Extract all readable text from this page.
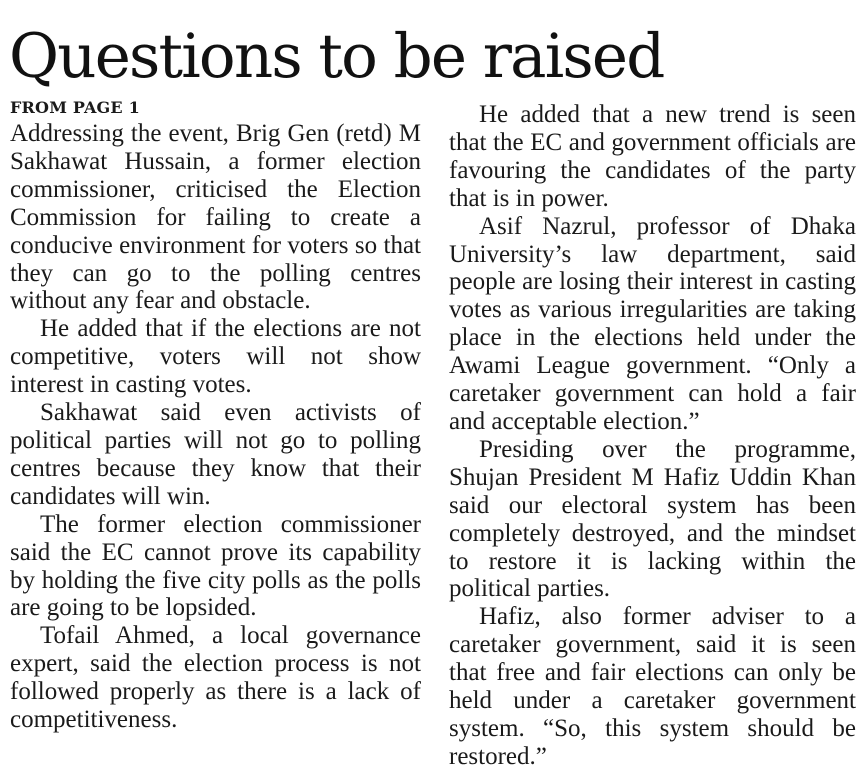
Questions to be raised
FROM PAGE 1

Addressing the event, Brig Gen (retd) M Sakhawat Hussain, a former election commissioner, criticised the Election Commission for failing to create a conducive environment for voters so that they can go to the polling centres without any fear and obstacle.

He added that if the elections are not competitive, voters will not show interest in casting votes.

Sakhawat said even activists of political parties will not go to polling centres because they know that their candidates will win.

The former election commissioner said the EC cannot prove its capability by holding the five city polls as the polls are going to be lopsided.

Tofail Ahmed, a local governance expert, said the election process is not followed properly as there is a lack of competitiveness.

He added that a new trend is seen that the EC and government officials are favouring the candidates of the party that is in power.

Asif Nazrul, professor of Dhaka University’s law department, said people are losing their interest in casting votes as various irregularities are taking place in the elections held under the Awami League government. “Only a caretaker government can hold a fair and acceptable election.”

Presiding over the programme, Shujan President M Hafiz Uddin Khan said our electoral system has been completely destroyed, and the mindset to restore it is lacking within the political parties.

Hafiz, also former adviser to a caretaker government, said it is seen that free and fair elections can only be held under a caretaker government system. “So, this system should be restored.”
